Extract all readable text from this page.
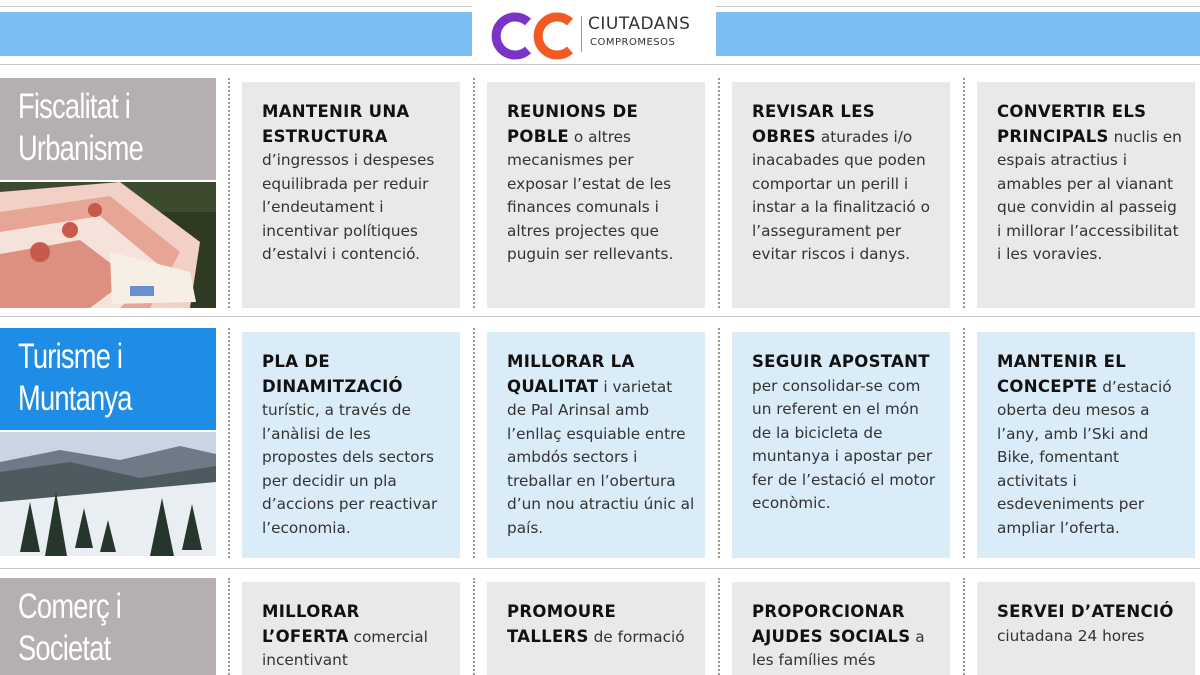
CIUTADANS
COMPROMESOS
Fiscalitat i
Urbanisme
MANTENIR UNA ESTRUCTURA d’ingressos i despeses equilibrada per reduir l’endeutament i incentivar polítiques d’estalvi i contenció.
REUNIONS DE POBLE o altres mecanismes per exposar l’estat de les finances comunals i altres projectes que puguin ser rellevants.
REVISAR LES OBRES aturades i/o inacabades que poden comportar un perill i instar a la finalització o l’assegurament per evitar riscos i danys.
CONVERTIR ELS PRINCIPALS nuclis en espais atractius i amables per al vianant que convidin al passeig i millorar l’accessibilitat i les voravies.
Turisme i
Muntanya
PLA DE DINAMITZACIÓ turístic, a través de l’anàlisi de les propostes dels sectors per decidir un pla d’accions per reactivar l’economia.
MILLORAR LA QUALITAT i varietat de Pal Arinsal amb l’enllaç esquiable entre ambdós sectors i treballar en l’obertura d’un nou atractiu únic al país.
SEGUIR APOSTANT per consolidar-se com un referent en el món de la bicicleta de muntanya i apostar per fer de l’estació el motor econòmic.
MANTENIR EL CONCEPTE d’estació oberta deu mesos a l’any, amb l’Ski and Bike, fomentant activitats i esdeveniments per ampliar l’oferta.
Comerç i
Societat
MILLORAR L’OFERTA comercial incentivant
PROMOURE TALLERS de formació
PROPORCIONAR AJUDES SOCIALS a les famílies més
SERVEI D’ATENCIÓ ciutadana 24 hores
